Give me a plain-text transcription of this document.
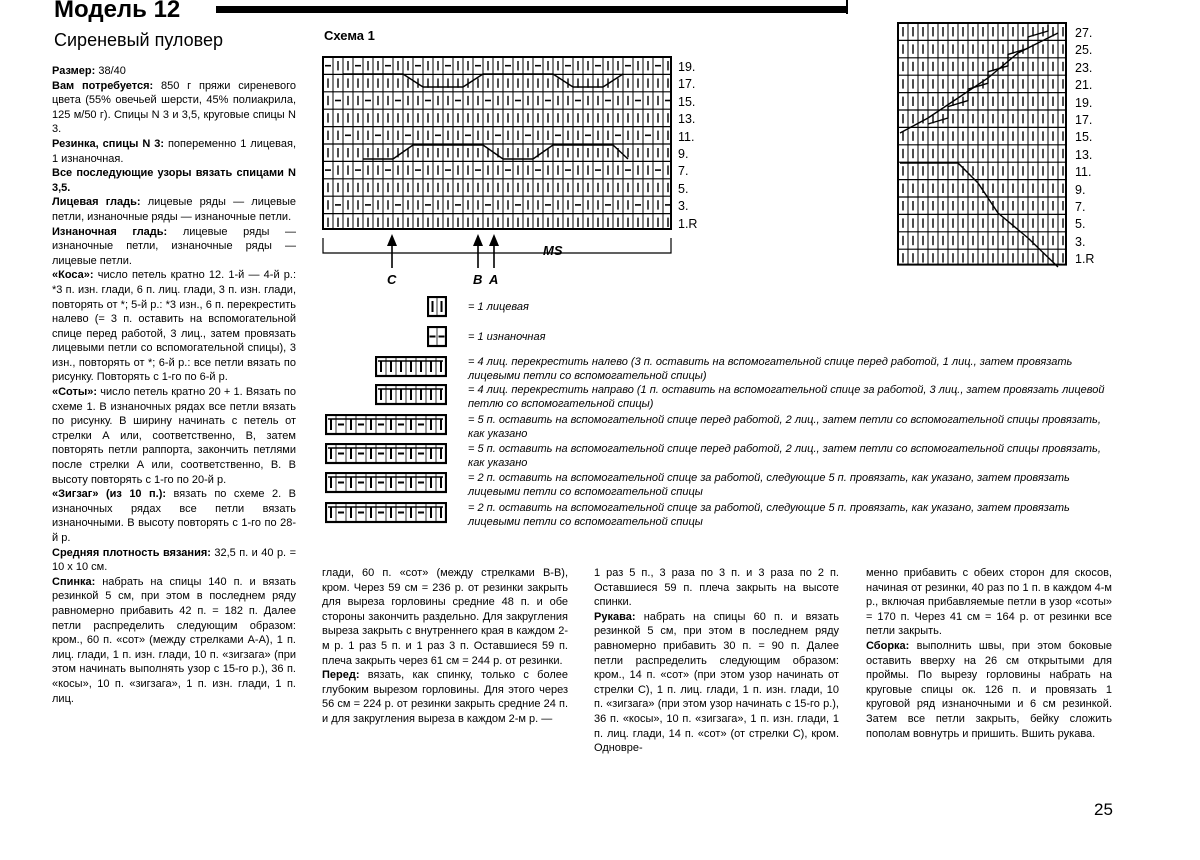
Модель 12
Сиреневый пуловер

Размер: 38/40

Вам потребуется: 850 г пряжи сиреневого цвета (55% овечьей шерсти, 45% полиакрила, 125 м/50 г). Спицы N 3 и 3,5, круговые спицы N 3.

Резинка, спицы N 3: попеременно 1 лицевая, 1 изнаночная.

Все последующие узоры вязать спицами N 3,5.

Лицевая гладь: лицевые ряды — лицевые петли, изнаночные ряды — изнаночные петли.

Изнаночная гладь: лицевые ряды — изнаночные петли, изнаночные ряды — лицевые петли.

«Коса»: число петель кратно 12. 1-й — 4-й р.: *3 п. изн. глади, 6 п. лиц. глади, 3 п. изн. глади, повторять от *; 5-й р.: *3 изн., 6 п. перекрестить налево (= 3 п. оставить на вспомогательной спице перед работой, 3 лиц., затем провязать лицевыми петли со вспомогательной спицы), 3 изн., повторять от *; 6-й р.: все петли вязать по рисунку. Повторять с 1-го по 6-й р.

«Соты»: число петель кратно 20 + 1. Вязать по схеме 1. В изнаночных рядах все петли вязать по рисунку. В ширину начинать с петель от стрелки А или, соответственно, В, затем повторять петли раппорта, закончить петлями после стрелки А или, соответственно, В. В высоту повторять с 1-го по 20-й р.

«Зигзаг» (из 10 п.): вязать по схеме 2. В изнаночных рядах все петли вязать изнаночными. В высоту повторять с 1-го по 28-й р.

Средняя плотность вязания: 32,5 п. и 40 р. = 10 х 10 см.

Спинка: набрать на спицы 140 п. и вязать резинкой 5 см, при этом в последнем ряду равномерно прибавить 42 п. = 182 п. Далее петли распределить следующим образом: кром., 60 п. «сот» (между стрелками А-А), 1 п. лиц. глади, 1 п. изн. глади, 10 п. «зигзага» (при этом начинать выполнять узор с 15-го р.), 36 п. «косы», 10 п. «зигзага», 1 п. изн. глади, 1 п. лиц.

глади, 60 п. «сот» (между стрелками В-В), кром. Через 59 см = 236 р. от резинки закрыть для выреза горловины средние 48 п. и обе стороны закончить раздельно. Для закругления выреза закрыть с внутреннего края в каждом 2-м р. 1 раз 5 п. и 1 раз 3 п. Оставшиеся 59 п. плеча закрыть через 61 см = 244 р. от резинки.

Перед: вязать, как спинку, только с более глубоким вырезом горловины. Для этого через 56 см = 224 р. от резинки закрыть средние 24 п. и для закругления выреза в каждом 2-м р. —

1 раз 5 п., 3 раза по 3 п. и 3 раза по 2 п. Оставшиеся 59 п. плеча закрыть на высоте спинки.

Рукава: набрать на спицы 60 п. и вязать резинкой 5 см, при этом в последнем ряду равномерно прибавить 30 п. = 90 п. Далее петли распределить следующим образом: кром., 14 п. «сот» (при этом узор начинать от стрелки С), 1 п. лиц. глади, 1 п. изн. глади, 10 п. «зигзага» (при этом узор начинать с 15-го р.), 36 п. «косы», 10 п. «зигзага», 1 п. изн. глади, 1 п. лиц. глади, 14 п. «сот» (от стрелки С), кром. Одновре-

менно прибавить с обеих сторон для скосов, начиная от резинки, 40 раз по 1 п. в каждом 4-м р., включая прибавляемые петли в узор «соты» = 170 п. Через 41 см = 164 р. от резинки все петли закрыть.

Сборка: выполнить швы, при этом боковые оставить вверху на 26 см открытыми для проймы. По вырезу горловины набрать на круговые спицы ок. 126 п. и провязать 1 круговой ряд изнаночными и 6 см резинкой. Затем все петли закрыть, бейку сложить пополам вовнутрь и пришить. Вшить рукава.

Схема 1
19.
17.
15.
13.
11.
9.
7.
5.
3.
1.R
MS
C	B A
27.
25.
23.
21.
19.
17.
15.
13.
11.
9.
7.
5.
3.
1.R
= 1 лицевая
= 1 изнаночная
= 4 лиц. перекрестить налево (3 п. оставить на вспомогательной спице перед работой, 1 лиц., затем провязать лицевыми петли со вспомогательной спицы)
= 4 лиц. перекрестить направо (1 п. оставить на вспомогательной спице за работой, 3 лиц., затем провязать лицевой петлю со вспомогательной спицы)
= 5 п. оставить на вспомогательной спице перед работой, 2 лиц., затем петли со вспомогательной спицы провязать, как указано
= 5 п. оставить на вспомогательной спице перед работой, 2 лиц., затем петли со вспомогательной спицы провязать, как указано
= 2 п. оставить на вспомогательной спице за работой, следующие 5 п. провязать, как указано, затем провязать лицевыми петли со вспомогательной спицы
= 2 п. оставить на вспомогательной спице за работой, следующие 5 п. провязать, как указано, затем провязать лицевыми петли со вспомогательной спицы
25
